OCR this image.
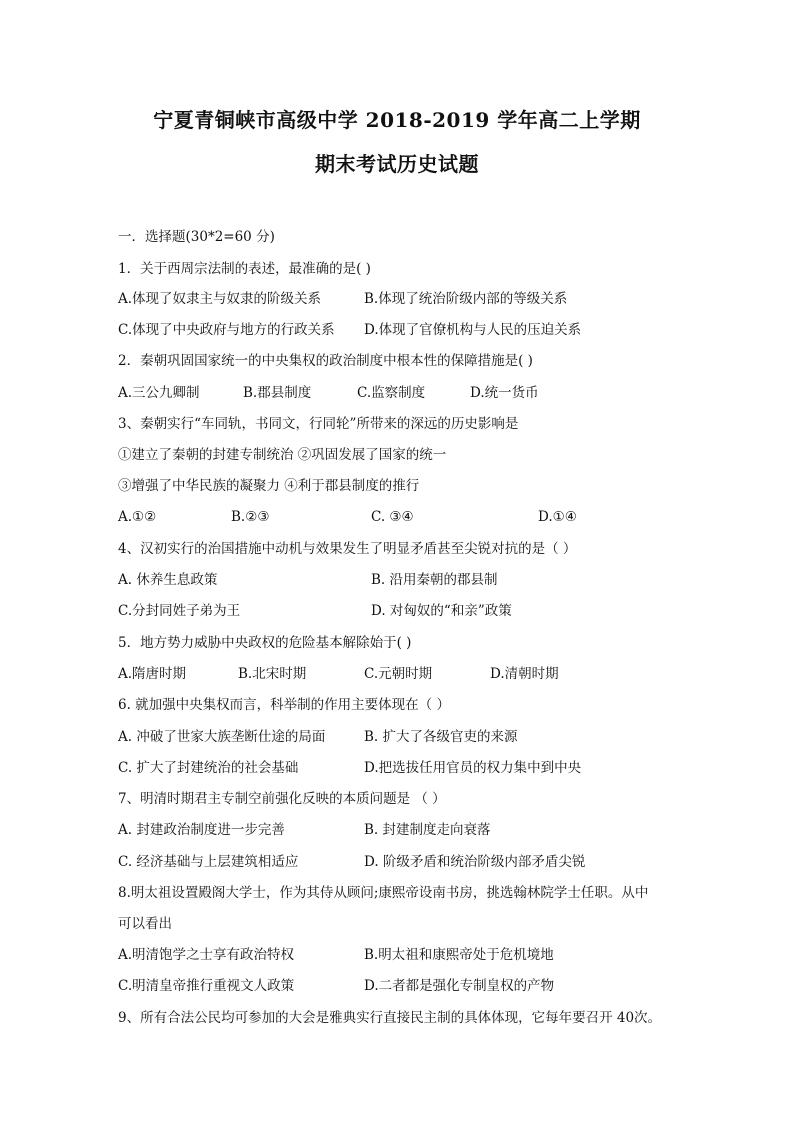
宁夏青铜峡市高级中学 2018-2019 学年高二上学期
期末考试历史试题
一．选择题(30*2=60 分)
1．关于西周宗法制的表述，最准确的是( )
A.体现了奴隶主与奴隶的阶级关系	B.体现了统治阶级内部的等级关系
C.体现了中央政府与地方的行政关系 D.体现了官僚机构与人民的压迫关系
2．秦朝巩固国家统一的中央集权的政治制度中根本性的保障措施是( )
A.三公九卿制	B.郡县制度	C.监察制度	D.统一货币
3、秦朝实行“车同轨，书同文，行同轮”所带来的深远的历史影响是
①建立了秦朝的封建专制统治 ②巩固发展了国家的统一
③增强了中华民族的凝聚力 ④利于郡县制度的推行
A.①②	B.②③	C. ③④	D.①④
4、汉初实行的治国措施中动机与效果发生了明显矛盾甚至尖锐对抗的是（ ）
A. 休养生息政策	B. 沿用秦朝的郡县制
C.分封同姓子弟为王	D. 对匈奴的“和亲”政策
5．地方势力威胁中央政权的危险基本解除始于( )
A.隋唐时期	B.北宋时期	C.元朝时期	D.清朝时期
6. 就加强中央集权而言，科举制的作用主要体现在（ ）
A. 冲破了世家大族垄断仕途的局面	B. 扩大了各级官吏的来源
C. 扩大了封建统治的社会基础	D.把选拔任用官员的权力集中到中央
7、明清时期君主专制空前强化反映的本质问题是 （ ）
A. 封建政治制度进一步完善	B. 封建制度走向衰落
C. 经济基础与上层建筑相适应	D. 阶级矛盾和统治阶级内部矛盾尖锐
8.明太祖设置殿阁大学士，作为其侍从顾问;康熙帝设南书房，挑选翰林院学士任职。从中
可以看出
A.明清饱学之士享有政治特权	B.明太祖和康熙帝处于危机境地
C.明清皇帝推行重视文人政策	D.二者都是强化专制皇权的产物
9、所有合法公民均可参加的大会是雅典实行直接民主制的具体体现，它每年要召开 40次。
